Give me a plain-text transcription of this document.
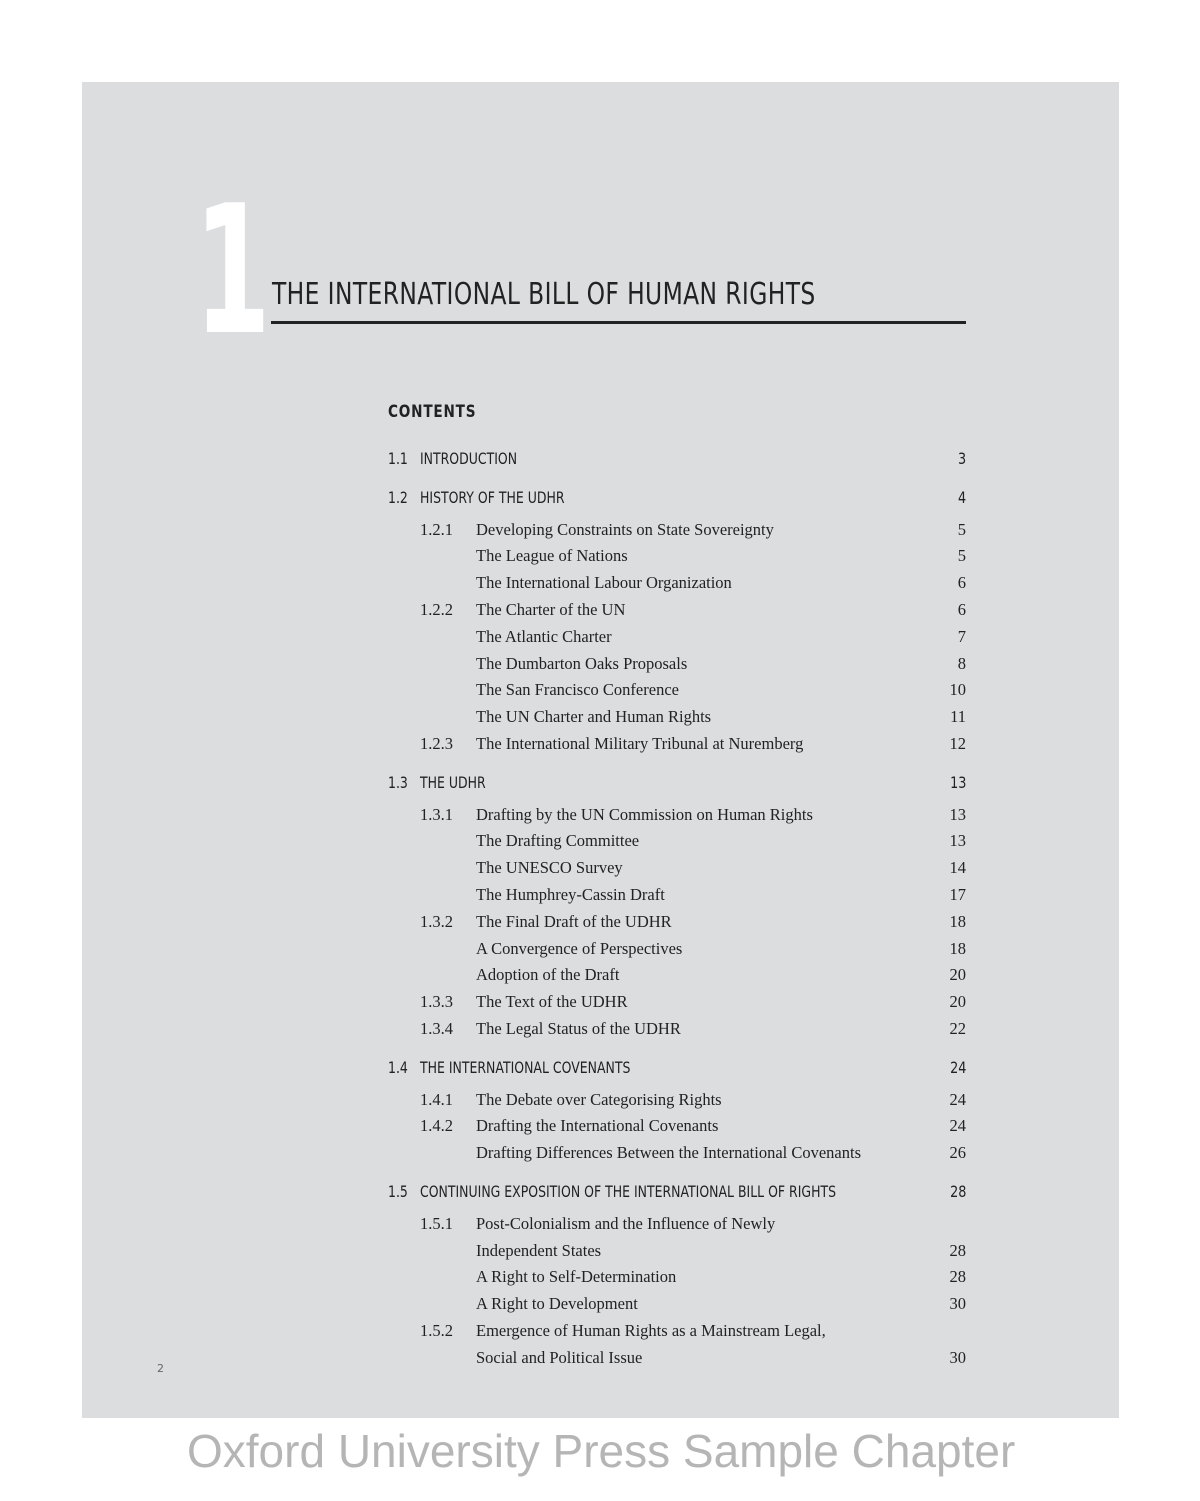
1 THE INTERNATIONAL BILL OF HUMAN RIGHTS
CONTENTS
1.1 INTRODUCTION	3
1.2 HISTORY OF THE UDHR	4
1.2.1 Developing Constraints on State Sovereignty	5
The League of Nations	5
The International Labour Organization	6
1.2.2 The Charter of the UN	6
The Atlantic Charter	7
The Dumbarton Oaks Proposals	8
The San Francisco Conference	10
The UN Charter and Human Rights	11
1.2.3 The International Military Tribunal at Nuremberg	12
1.3 THE UDHR	13
1.3.1 Drafting by the UN Commission on Human Rights	13
The Drafting Committee	13
The UNESCO Survey	14
The Humphrey-Cassin Draft	17
1.3.2 The Final Draft of the UDHR	18
A Convergence of Perspectives	18
Adoption of the Draft	20
1.3.3 The Text of the UDHR	20
1.3.4 The Legal Status of the UDHR	22
1.4 THE INTERNATIONAL COVENANTS	24
1.4.1 The Debate over Categorising Rights	24
1.4.2 Drafting the International Covenants	24
Drafting Differences Between the International Covenants	26
1.5 CONTINUING EXPOSITION OF THE INTERNATIONAL BILL OF RIGHTS	28
1.5.1 Post-Colonialism and the Influence of Newly
Independent States	28
A Right to Self-Determination	28
A Right to Development	30
1.5.2 Emergence of Human Rights as a Mainstream Legal,
Social and Political Issue	30
2
Oxford University Press Sample Chapter
